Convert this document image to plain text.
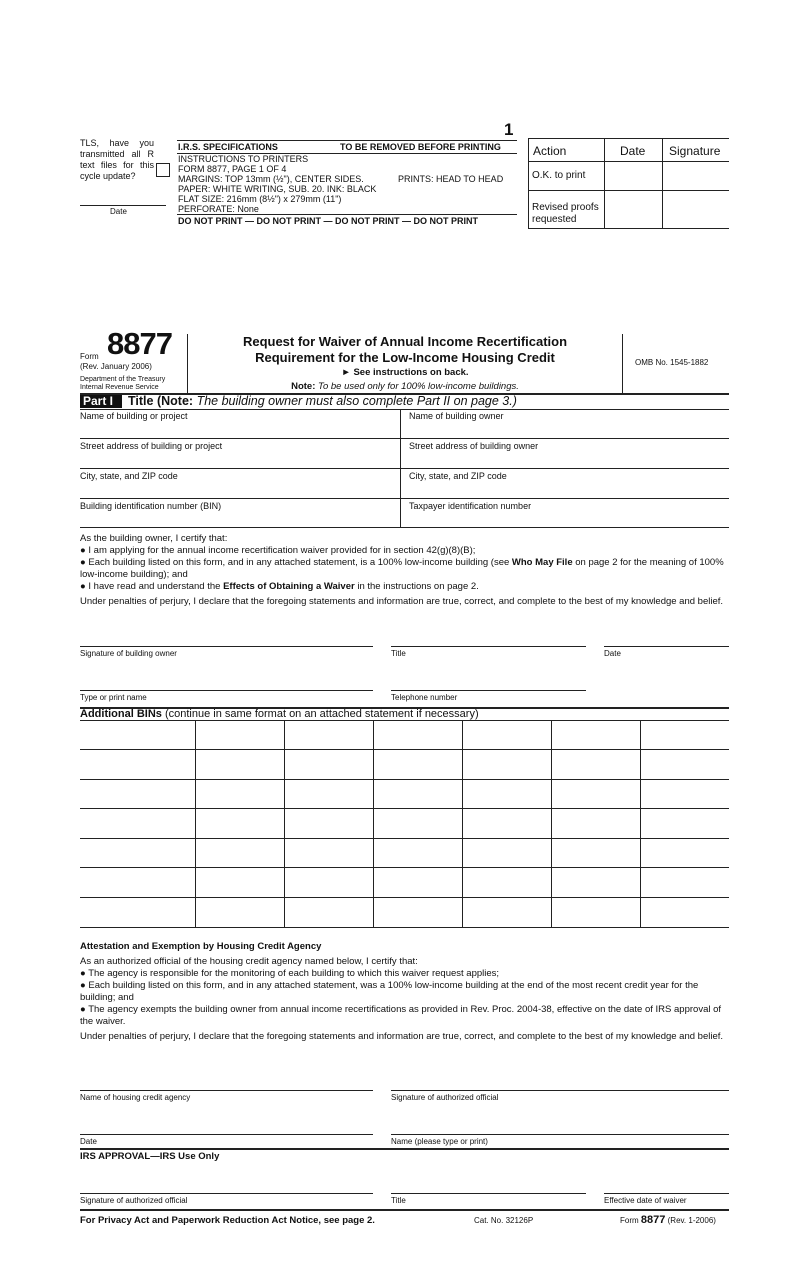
1
TLS, have you transmitted all R text files for this cycle update?
Date
I.R.S. SPECIFICATIONS	TO BE REMOVED BEFORE PRINTING
INSTRUCTIONS TO PRINTERS
FORM 8877, PAGE 1 OF 4
MARGINS: TOP 13mm (½"), CENTER SIDES.	PRINTS: HEAD TO HEAD
PAPER: WHITE WRITING, SUB. 20. INK: BLACK
FLAT SIZE: 216mm (8½") x 279mm (11")
PERFORATE: None
DO NOT PRINT — DO NOT PRINT — DO NOT PRINT — DO NOT PRINT
Action	Date Signature
O.K. to print
Revised proofs requested
Form 8877
(Rev. January 2006)
Department of the Treasury
Internal Revenue Service
Request for Waiver of Annual Income Recertification
Requirement for the Low-Income Housing Credit
► See instructions on back.
Note: To be used only for 100% low-income buildings.
OMB No. 1545-1882
Part I	Title (Note: The building owner must also complete Part II on page 3.)
Name of building or project	Name of building owner
Street address of building or project	Street address of building owner
City, state, and ZIP code	City, state, and ZIP code
Building identification number (BIN)	Taxpayer identification number

As the building owner, I certify that:

● I am applying for the annual income recertification waiver provided for in section 42(g)(8)(B);

● Each building listed on this form, and in any attached statement, is a 100% low-income building (see Who May File on page 2 for the meaning of 100% low-income building); and

● I have read and understand the Effects of Obtaining a Waiver in the instructions on page 2.

Under penalties of perjury, I declare that the foregoing statements and information are true, correct, and complete to the best of my knowledge and belief.

Signature of building owner	Title	Date
Type or print name	Telephone number
Additional BINs (continue in same format on an attached statement if necessary)
Attestation and Exemption by Housing Credit Agency

As an authorized official of the housing credit agency named below, I certify that:

● The agency is responsible for the monitoring of each building to which this waiver request applies;

● Each building listed on this form, and in any attached statement, was a 100% low-income building at the end of the most recent credit year for the building; and

● The agency exempts the building owner from annual income recertifications as provided in Rev. Proc. 2004-38, effective on the date of IRS approval of the waiver.

Under penalties of perjury, I declare that the foregoing statements and information are true, correct, and complete to the best of my knowledge and belief.

Name of housing credit agency	Signature of authorized official
Date	Name (please type or print)
IRS APPROVAL—IRS Use Only
Signature of authorized official	Title	Effective date of waiver
For Privacy Act and Paperwork Reduction Act Notice, see page 2.	Cat. No. 32126P	Form 8877 (Rev. 1-2006)
